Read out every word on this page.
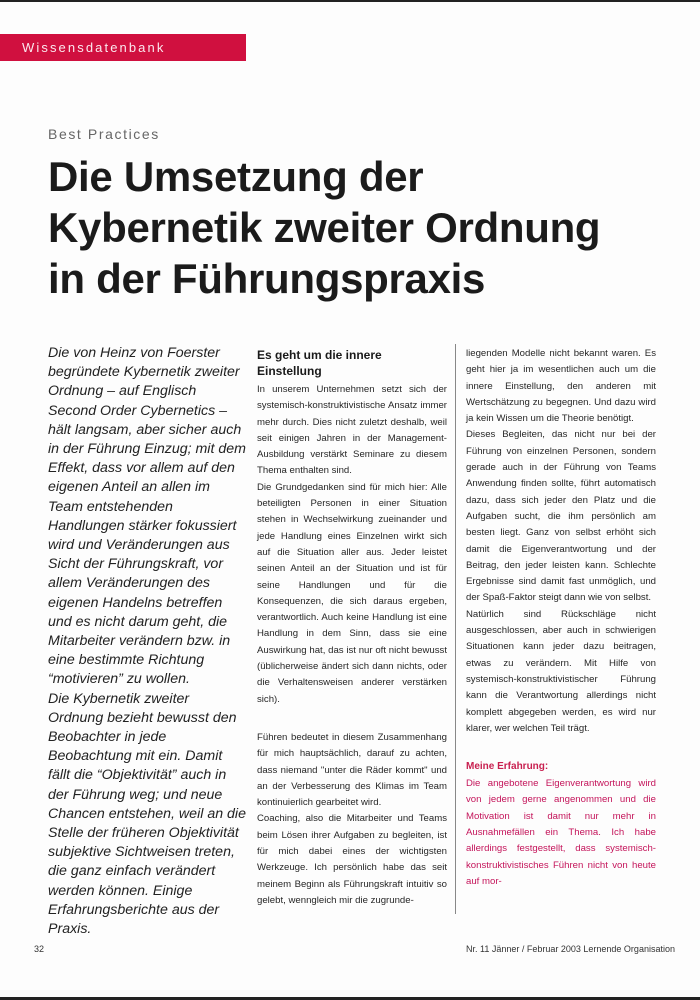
Wissensdatenbank
Best Practices
Die Umsetzung der
Kybernetik zweiter Ordnung
in der Führungspraxis

Die von Heinz von Foerster begründete Kybernetik zweiter Ordnung – auf Englisch Second Order Cybernetics – hält langsam, aber sicher auch in der Führung Einzug; mit dem Effekt, dass vor allem auf den eigenen Anteil an allen im Team entstehenden Handlungen stärker fokussiert wird und Veränderungen aus Sicht der Führungskraft, vor allem Veränderungen des eigenen Handelns betreffen und es nicht darum geht, die Mitarbeiter verändern bzw. in eine bestimmte Richtung “motivieren” zu wollen.

Die Kybernetik zweiter Ordnung bezieht bewusst den Beobachter in jede Beobachtung mit ein. Damit fällt die “Objektivität” auch in der Führung weg; und neue Chancen entstehen, weil an die Stelle der früheren Objektivität subjektive Sichtweisen treten, die ganz einfach verändert werden können. Einige Erfahrungsberichte aus der Praxis.

Es geht um die innere Einstellung

In unserem Unternehmen setzt sich der systemisch-konstruktivistische Ansatz immer mehr durch. Dies nicht zuletzt deshalb, weil seit einigen Jahren in der Management-Ausbildung verstärkt Seminare zu diesem Thema enthalten sind.

Die Grundgedanken sind für mich hier: Alle beteiligten Personen in einer Situation stehen in Wechselwirkung zueinander und jede Handlung eines Einzelnen wirkt sich auf die Situation aller aus. Jeder leistet seinen Anteil an der Situation und ist für seine Handlungen und für die Konsequenzen, die sich daraus ergeben, verantwortlich. Auch keine Handlung ist eine Handlung in dem Sinn, dass sie eine Auswirkung hat, das ist nur oft nicht bewusst (üblicherweise ändert sich dann nichts, oder die Verhaltensweisen anderer verstärken sich).

Führen bedeutet in diesem Zusammenhang für mich hauptsächlich, darauf zu achten, dass niemand "unter die Räder kommt" und an der Verbesserung des Klimas im Team kontinuierlich gearbeitet wird.

Coaching, also die Mitarbeiter und Teams beim Lösen ihrer Aufgaben zu begleiten, ist für mich dabei eines der wichtigsten Werkzeuge. Ich persönlich habe das seit meinem Beginn als Führungskraft intuitiv so gelebt, wenngleich mir die zugrunde-

liegenden Modelle nicht bekannt waren. Es geht hier ja im wesentlichen auch um die innere Einstellung, den anderen mit Wertschätzung zu begegnen. Und dazu wird ja kein Wissen um die Theorie benötigt.

Dieses Begleiten, das nicht nur bei der Führung von einzelnen Personen, sondern gerade auch in der Führung von Teams Anwendung finden sollte, führt automatisch dazu, dass sich jeder den Platz und die Aufgaben sucht, die ihm persönlich am besten liegt. Ganz von selbst erhöht sich damit die Eigenverantwortung und der Beitrag, den jeder leisten kann. Schlechte Ergebnisse sind damit fast unmöglich, und der Spaß-Faktor steigt dann wie von selbst.

Natürlich sind Rückschläge nicht ausgeschlossen, aber auch in schwierigen Situationen kann jeder dazu beitragen, etwas zu verändern. Mit Hilfe von systemisch-konstruktivistischer Führung kann die Verantwortung allerdings nicht komplett abgegeben werden, es wird nur klarer, wer welchen Teil trägt.

Meine Erfahrung:

Die angebotene Eigenverantwortung wird von jedem gerne angenommen und die Motivation ist damit nur mehr in Ausnahmefällen ein Thema. Ich habe allerdings festgestellt, dass systemisch-konstruktivistisches Führen nicht von heute auf mor-

32	Nr. 11 Jänner / Februar 2003 Lernende Organisation
